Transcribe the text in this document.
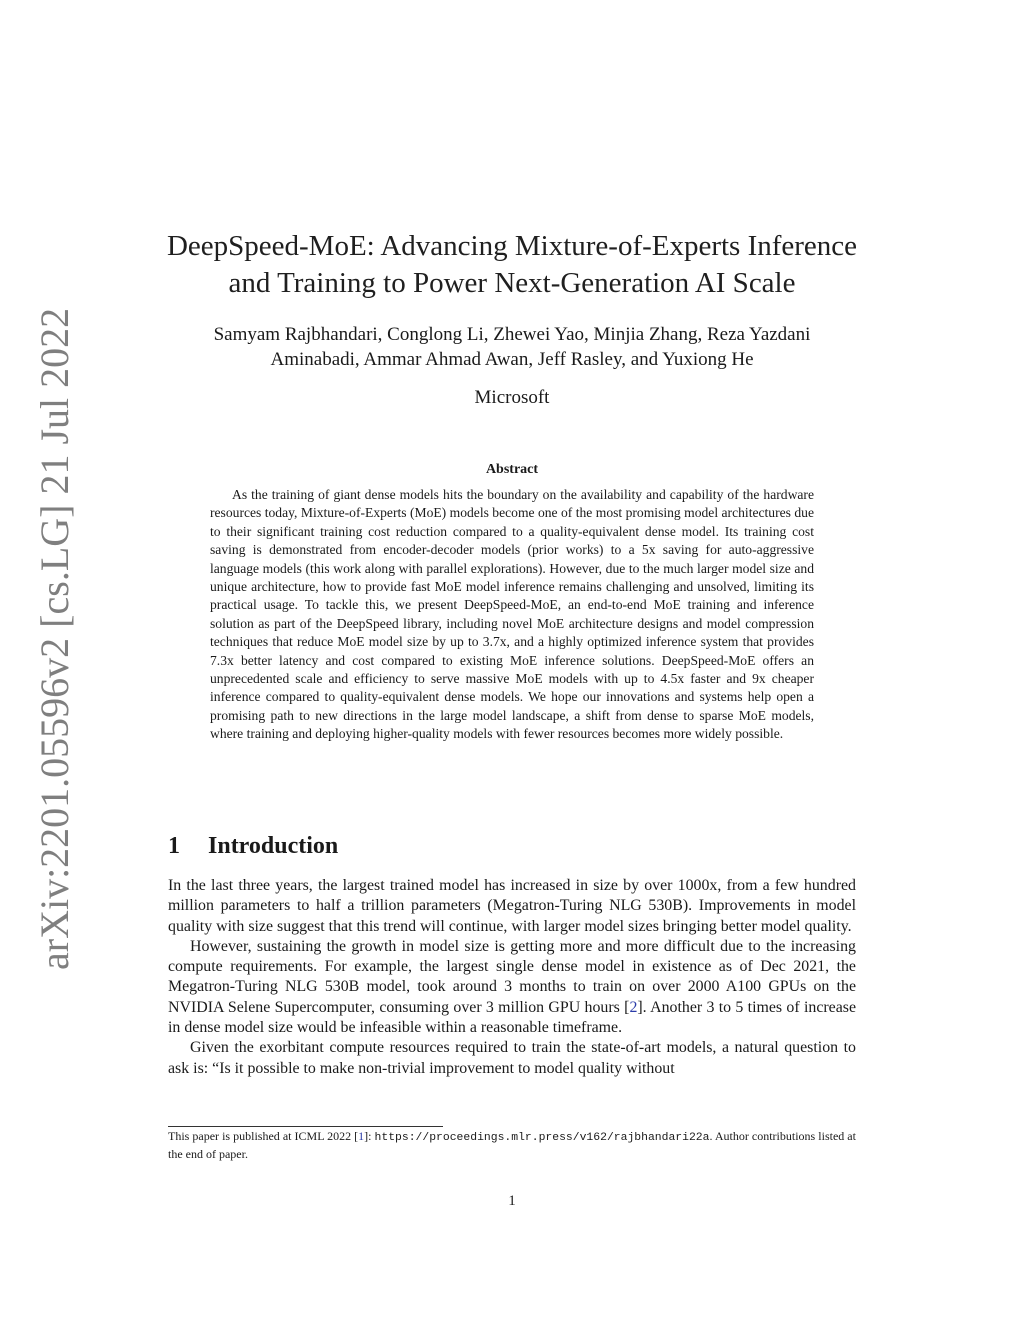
arXiv:2201.05596v2 [cs.LG] 21 Jul 2022
DeepSpeed-MoE: Advancing Mixture-of-Experts Inference
and Training to Power Next-Generation AI Scale
Samyam Rajbhandari, Conglong Li, Zhewei Yao, Minjia Zhang, Reza Yazdani
Aminabadi, Ammar Ahmad Awan, Jeff Rasley, and Yuxiong He
Microsoft
Abstract

As the training of giant dense models hits the boundary on the availability and capability of the hardware resources today, Mixture-of-Experts (MoE) models become one of the most promising model architectures due to their significant training cost reduction compared to a quality-equivalent dense model. Its training cost saving is demonstrated from encoder-decoder models (prior works) to a 5x saving for auto-aggressive language models (this work along with parallel explorations). However, due to the much larger model size and unique architecture, how to provide fast MoE model inference remains challenging and unsolved, limiting its practical usage. To tackle this, we present DeepSpeed-MoE, an end-to-end MoE training and inference solution as part of the DeepSpeed library, including novel MoE architecture designs and model compression techniques that reduce MoE model size by up to 3.7x, and a highly optimized inference system that provides 7.3x better latency and cost compared to existing MoE inference solutions. DeepSpeed-MoE offers an unprecedented scale and efficiency to serve massive MoE models with up to 4.5x faster and 9x cheaper inference compared to quality-equivalent dense models. We hope our innovations and systems help open a promising path to new directions in the large model landscape, a shift from dense to sparse MoE models, where training and deploying higher-quality models with fewer resources becomes more widely possible.

1 Introduction

In the last three years, the largest trained model has increased in size by over 1000x, from a few hundred million parameters to half a trillion parameters (Megatron-Turing NLG 530B). Improvements in model quality with size suggest that this trend will continue, with larger model sizes bringing better model quality.

However, sustaining the growth in model size is getting more and more difficult due to the increasing compute requirements. For example, the largest single dense model in existence as of Dec 2021, the Megatron-Turing NLG 530B model, took around 3 months to train on over 2000 A100 GPUs on the NVIDIA Selene Supercomputer, consuming over 3 million GPU hours [2]. Another 3 to 5 times of increase in dense model size would be infeasible within a reasonable timeframe.

Given the exorbitant compute resources required to train the state-of-art models, a natural question to ask is: “Is it possible to make non-trivial improvement to model quality without

This paper is published at ICML 2022 [1]: https://proceedings.mlr.press/v162/rajbhandari22a. Author contributions listed at the end of paper.
1
